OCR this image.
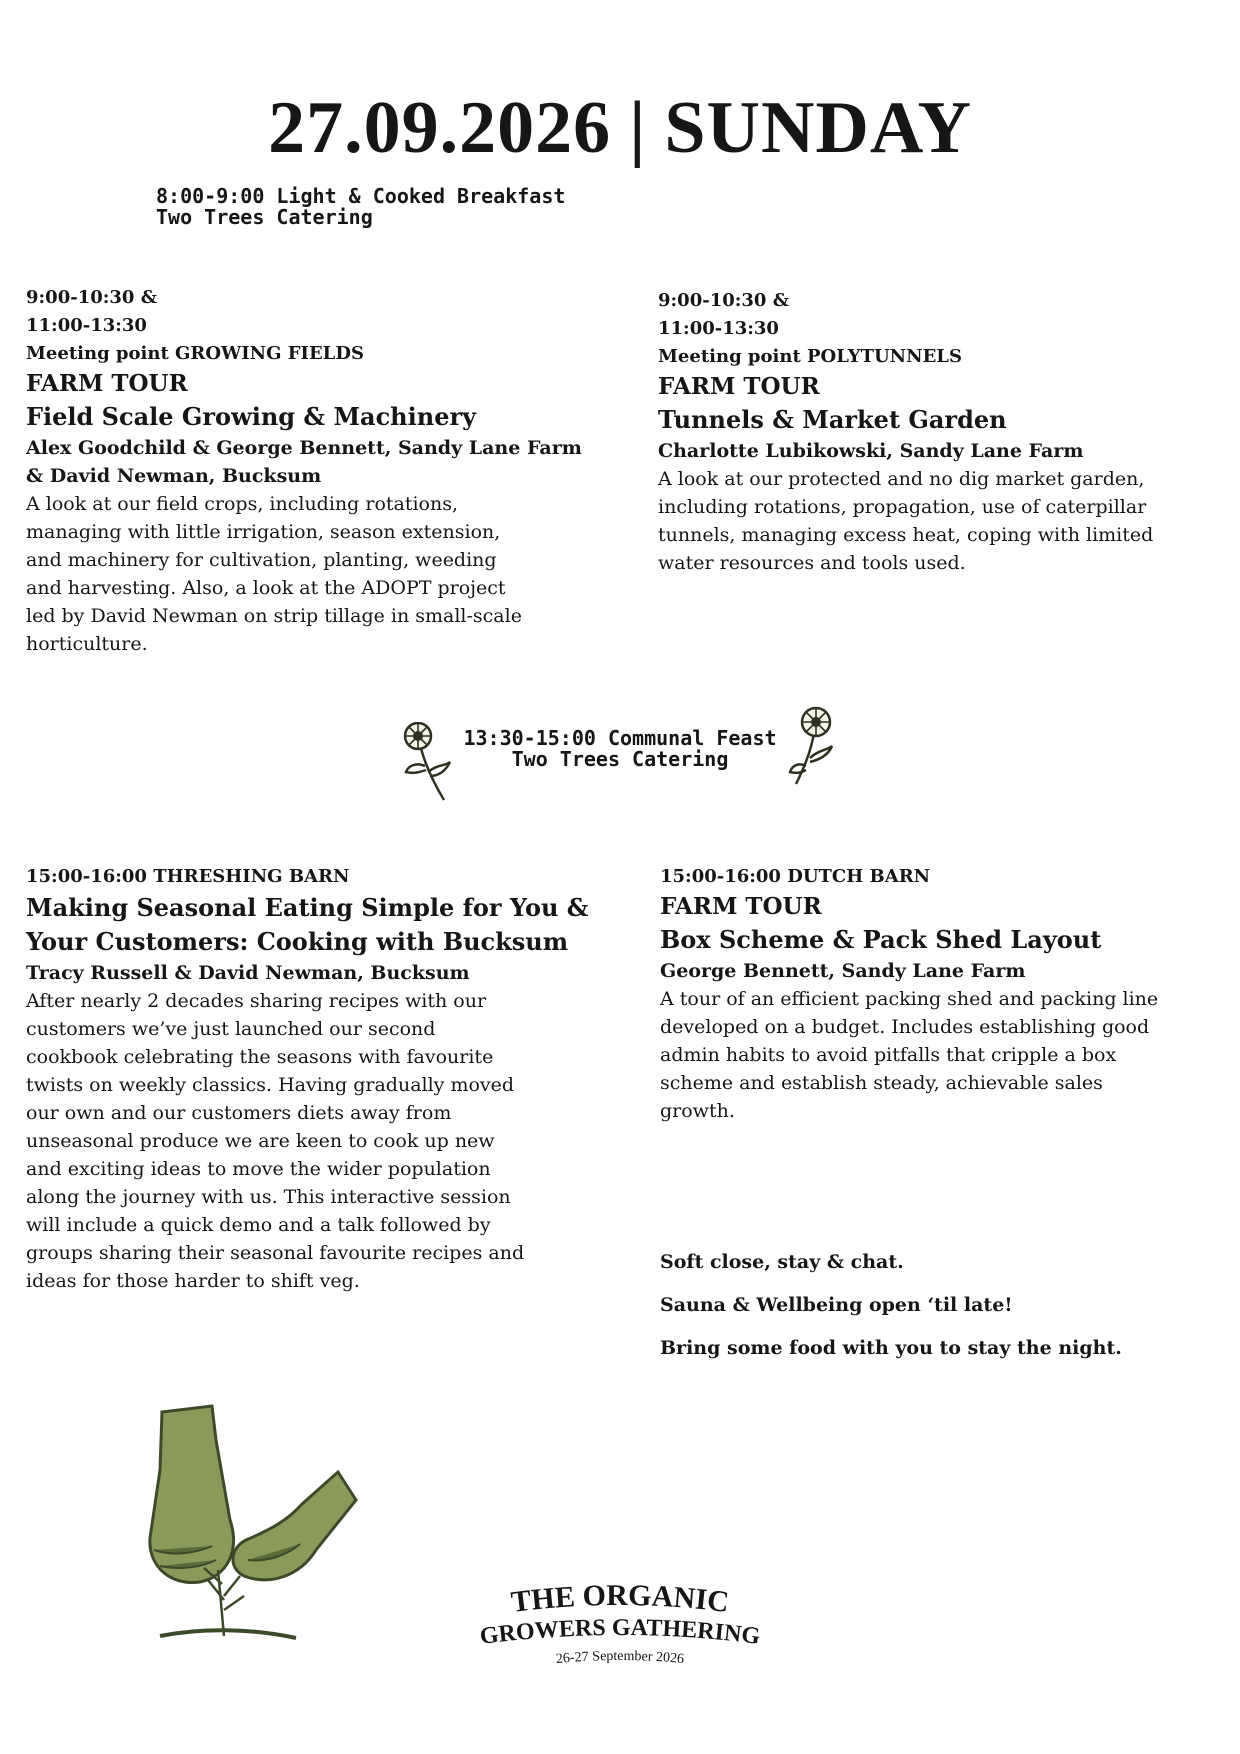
27.09.2026 | SUNDAY
8:00-9:00 Light & Cooked Breakfast
Two Trees Catering
9:00-10:30 &
11:00-13:30
Meeting point GROWING FIELDS
FARM TOUR
Field Scale Growing & Machinery
Alex Goodchild & George Bennett, Sandy Lane Farm
& David Newman, Bucksum
A look at our field crops, including rotations,
managing with little irrigation, season extension,
and machinery for cultivation, planting, weeding
and harvesting. Also, a look at the ADOPT project
led by David Newman on strip tillage in small-scale
horticulture.
9:00-10:30 &
11:00-13:30
Meeting point POLYTUNNELS
FARM TOUR
Tunnels & Market Garden
Charlotte Lubikowski, Sandy Lane Farm
A look at our protected and no dig market garden,
including rotations, propagation, use of caterpillar
tunnels, managing excess heat, coping with limited
water resources and tools used.
13:30-15:00 Communal Feast
Two Trees Catering
15:00-16:00 THRESHING BARN
Making Seasonal Eating Simple for You &
Your Customers: Cooking with Bucksum
Tracy Russell & David Newman, Bucksum
After nearly 2 decades sharing recipes with our
customers we’ve just launched our second
cookbook celebrating the seasons with favourite
twists on weekly classics. Having gradually moved
our own and our customers diets away from
unseasonal produce we are keen to cook up new
and exciting ideas to move the wider population
along the journey with us. This interactive session
will include a quick demo and a talk followed by
groups sharing their seasonal favourite recipes and
ideas for those harder to shift veg.
15:00-16:00 DUTCH BARN
FARM TOUR
Box Scheme & Pack Shed Layout
George Bennett, Sandy Lane Farm
A tour of an efficient packing shed and packing line
developed on a budget. Includes establishing good
admin habits to avoid pitfalls that cripple a box
scheme and establish steady, achievable sales
growth.
Soft close, stay & chat.
Sauna & Wellbeing open ‘til late!
Bring some food with you to stay the night.
THE ORGANIC
GROWERS GATHERING
26-27 September 2026
